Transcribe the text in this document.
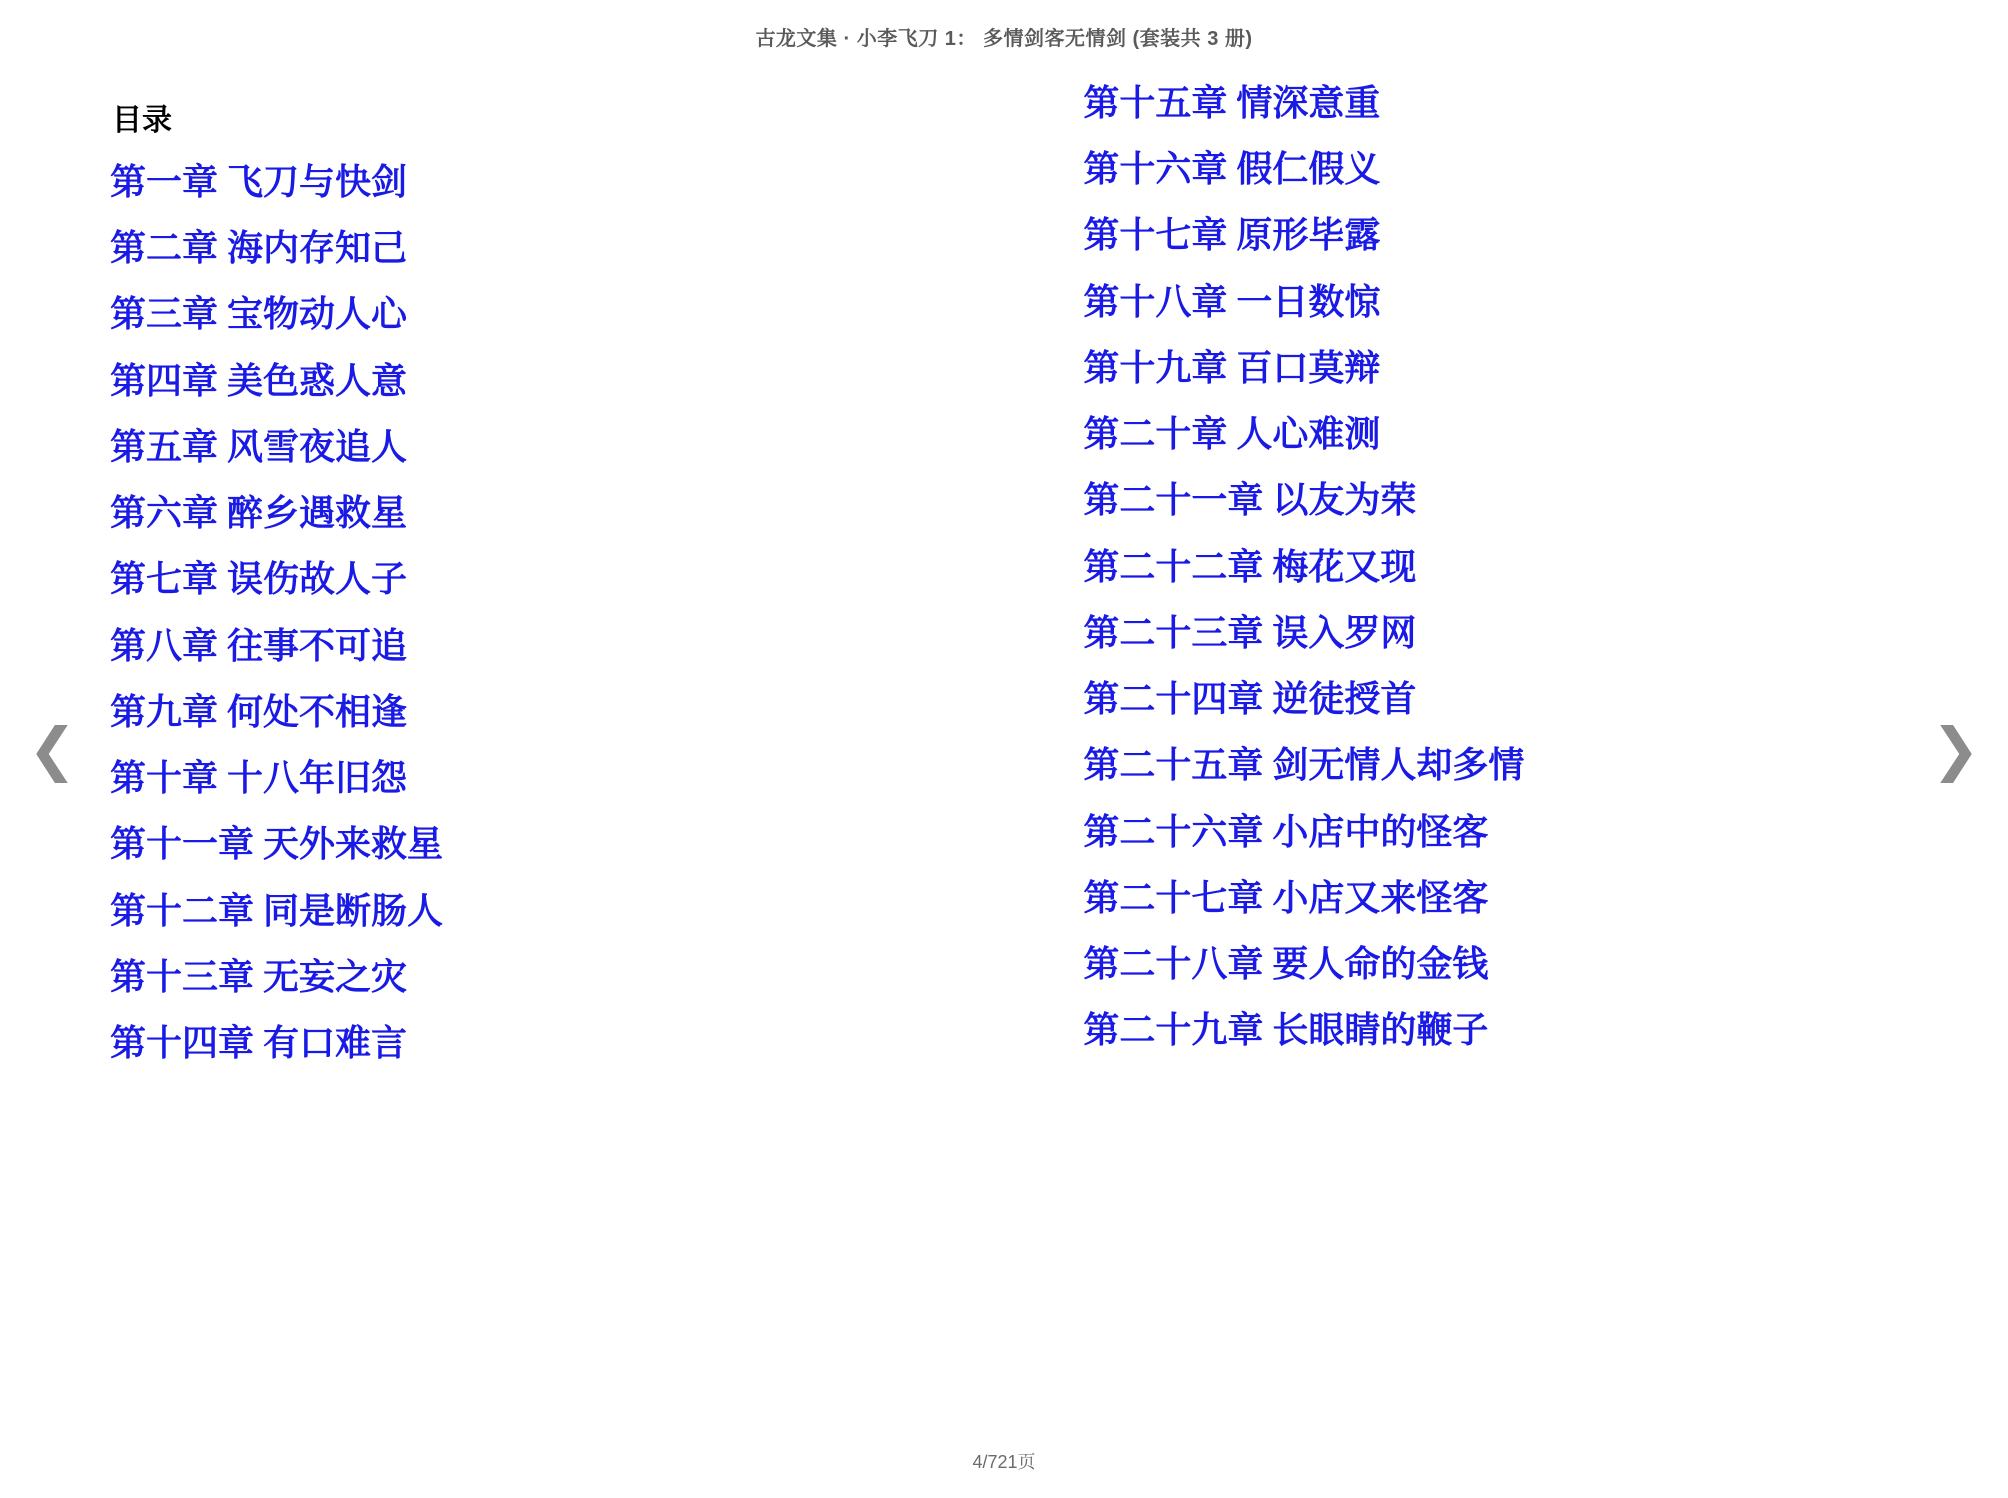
古龙文集 · 小李飞刀 1： 多情剑客无情剑 (套装共 3 册)
目录
第一章 飞刀与快剑
第二章 海内存知己
第三章 宝物动人心
第四章 美色惑人意
第五章 风雪夜追人
第六章 醉乡遇救星
第七章 误伤故人子
第八章 往事不可追
第九章 何处不相逢
第十章 十八年旧怨
第十一章 天外来救星
第十二章 同是断肠人
第十三章 无妄之灾
第十四章 有口难言
第十五章 情深意重
第十六章 假仁假义
第十七章 原形毕露
第十八章 一日数惊
第十九章 百口莫辩
第二十章 人心难测
第二十一章 以友为荣
第二十二章 梅花又现
第二十三章 误入罗网
第二十四章 逆徒授首
第二十五章 剑无情人却多情
第二十六章 小店中的怪客
第二十七章 小店又来怪客
第二十八章 要人命的金钱
第二十九章 长眼睛的鞭子
❮	❯
4/721页
